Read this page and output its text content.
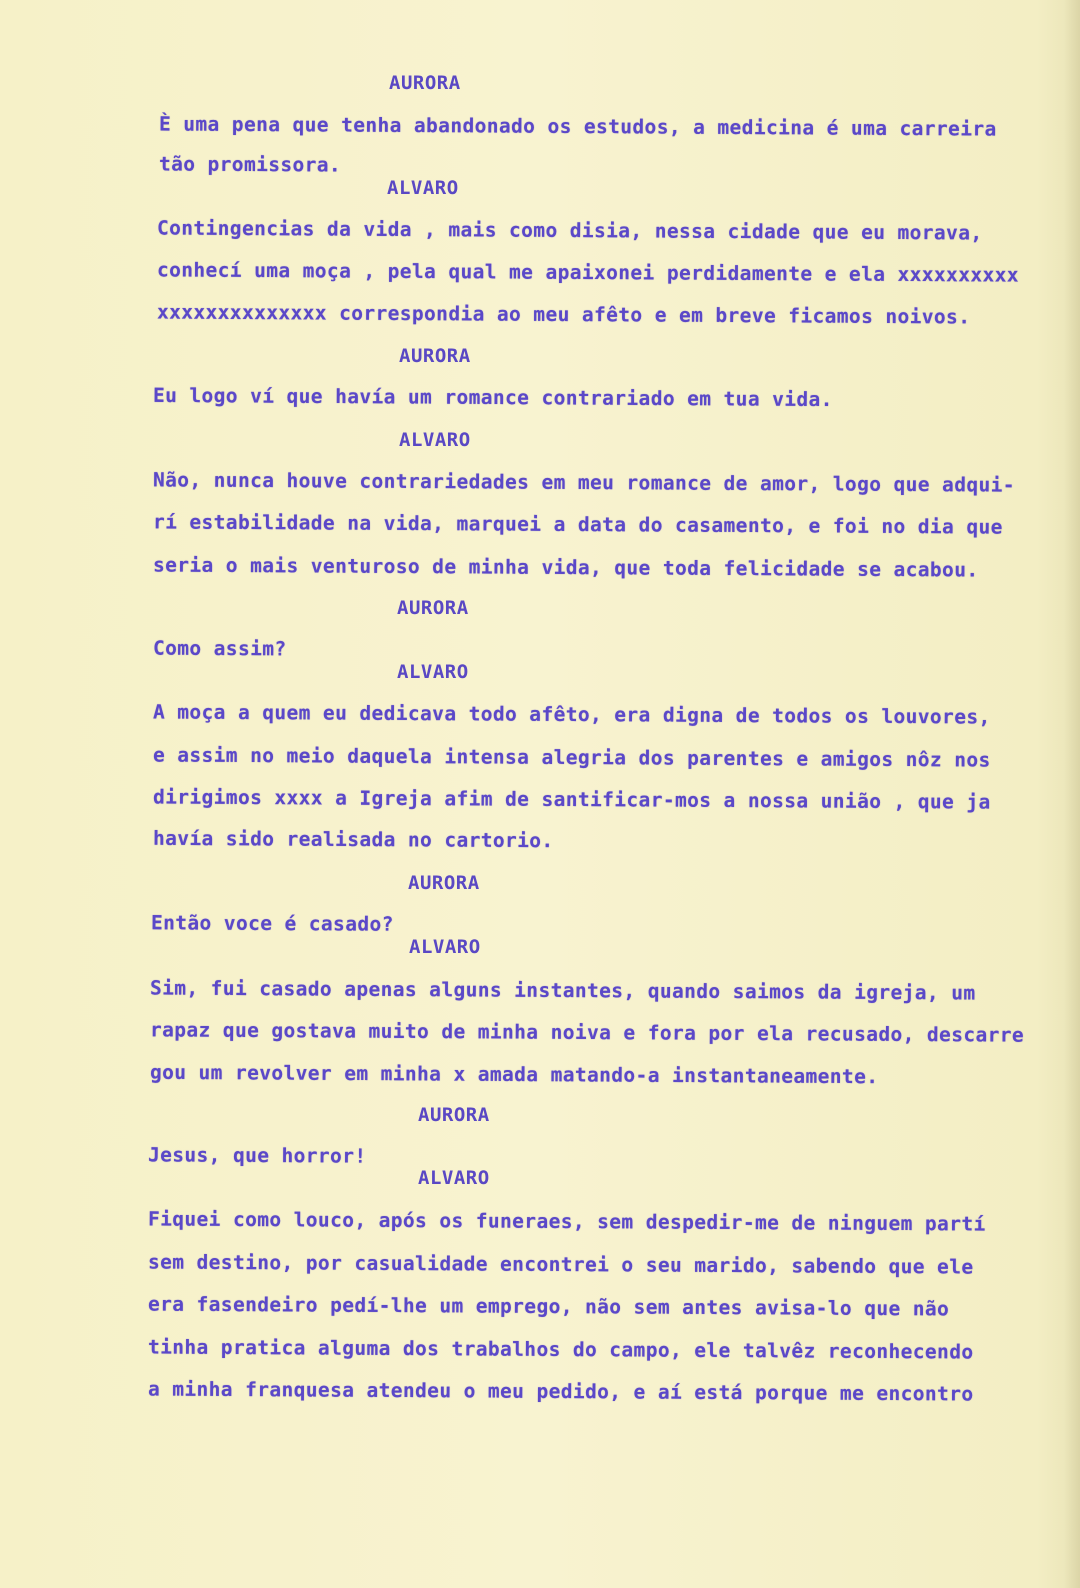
AURORA
È uma pena que tenha abandonado os estudos, a medicina é uma carreira
tão promissora.
ALVARO
Contingencias da vida , mais como disia, nessa cidade que eu morava,
conhecí uma moça , pela qual me apaixonei perdidamente e ela xxxxxxxxxx
xxxxxxxxxxxxxx correspondia ao meu afêto e em breve ficamos noivos.
AURORA
Eu logo ví que havía um romance contrariado em tua vida.
ALVARO
Não, nunca houve contrariedades em meu romance de amor, logo que adqui-
rí estabilidade na vida, marquei a data do casamento, e foi no dia que
seria o mais venturoso de minha vida, que toda felicidade se acabou.
AURORA
Como assim?
ALVARO
A moça a quem eu dedicava todo afêto, era digna de todos os louvores,
e assim no meio daquela intensa alegria dos parentes e amigos nôz nos
dirigimos xxxx a Igreja afim de santificar-mos a nossa união , que ja
havía sido realisada no cartorio.
AURORA
Então voce é casado?
ALVARO
Sim, fui casado apenas alguns instantes, quando saimos da igreja, um
rapaz que gostava muito de minha noiva e fora por ela recusado, descarre
gou um revolver em minha x amada matando-a instantaneamente.
AURORA
Jesus, que horror!
ALVARO
Fiquei como louco, após os funeraes, sem despedir-me de ninguem partí
sem destino, por casualidade encontrei o seu marido, sabendo que ele
era fasendeiro pedí-lhe um emprego, não sem antes avisa-lo que não
tinha pratica alguma dos trabalhos do campo, ele talvêz reconhecendo
a minha franquesa atendeu o meu pedido, e aí está porque me encontro
